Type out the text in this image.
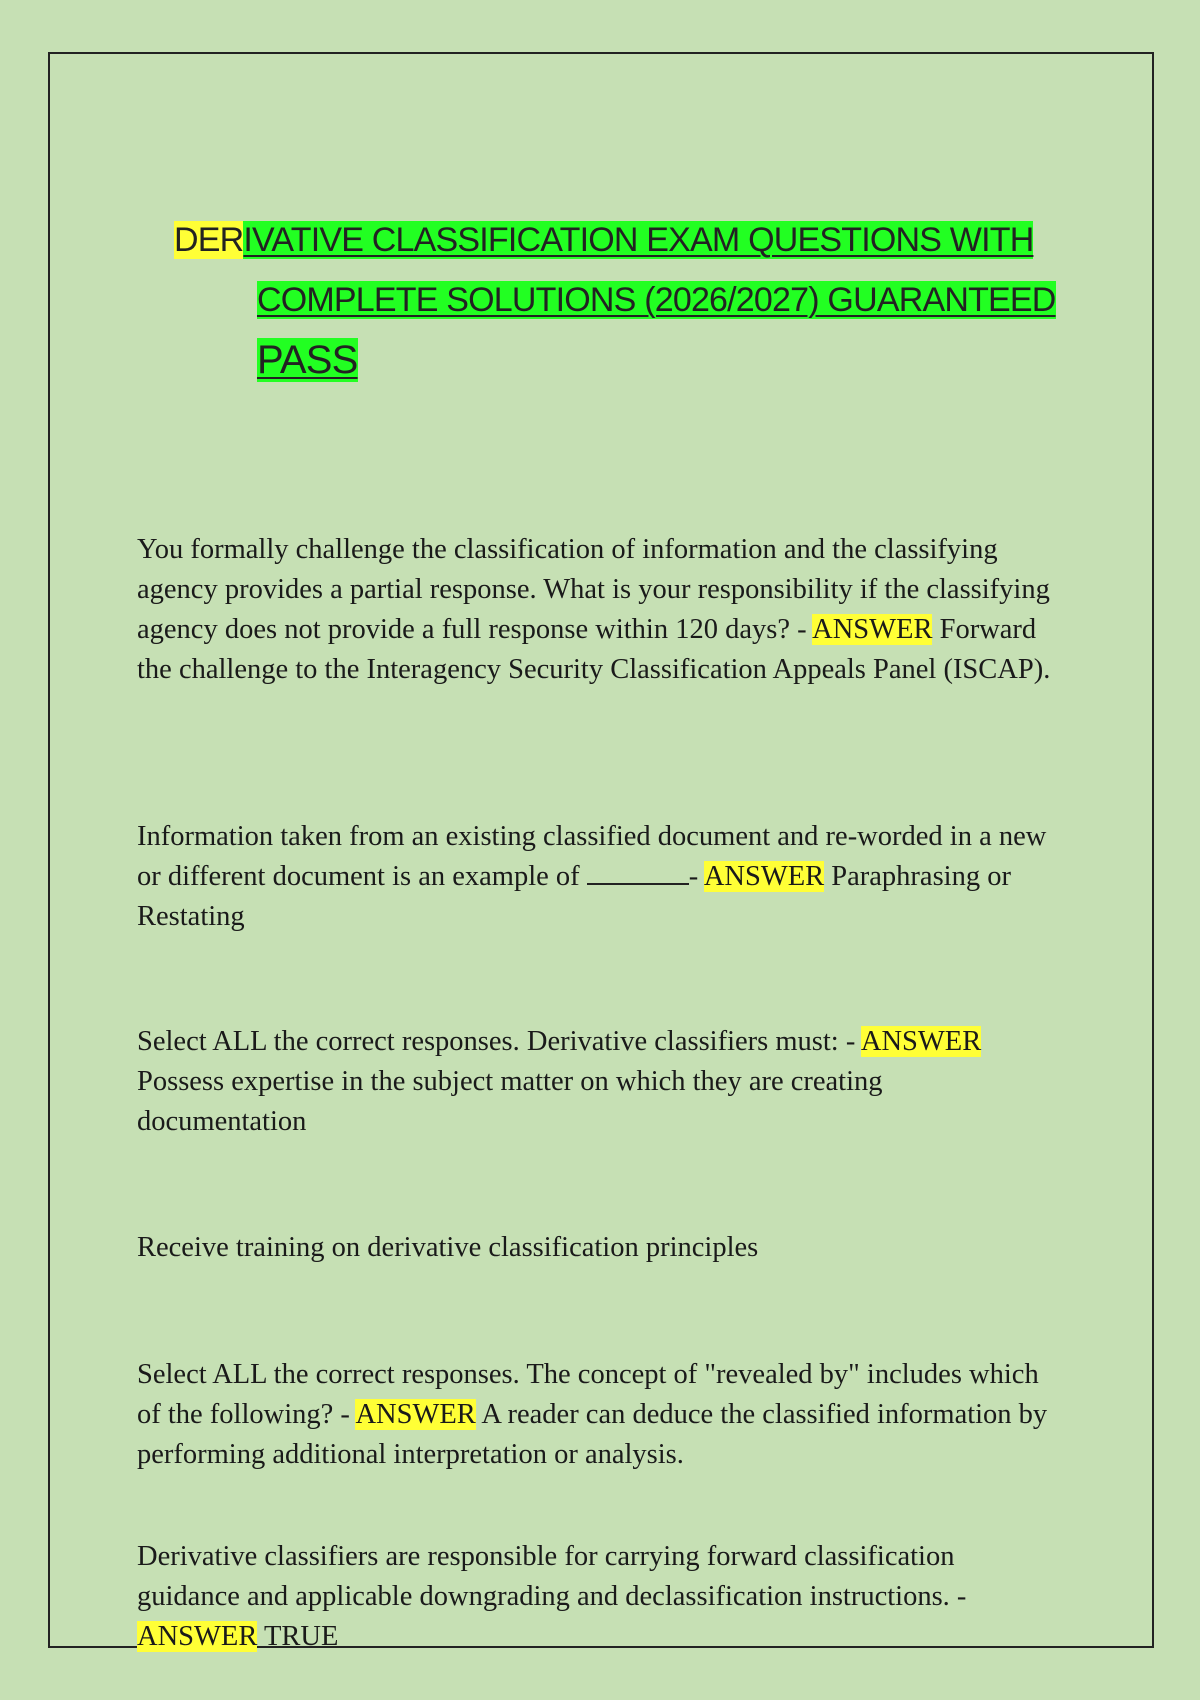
DERIVATIVE CLASSIFICATION EXAM QUESTIONS WITH
COMPLETE SOLUTIONS (2026/2027) GUARANTEED
PASS
You formally challenge the classification of information and the classifying agency provides a partial response. What is your responsibility if the classifying agency does not provide a full response within 120 days? - ANSWER Forward the challenge to the Interagency Security Classification Appeals Panel (ISCAP).
Information taken from an existing classified document and re-worded in a new or different document is an example of	- ANSWER Paraphrasing or Restating
Select ALL the correct responses. Derivative classifiers must: - ANSWER Possess expertise in the subject matter on which they are creating documentation
Receive training on derivative classification principles
Select ALL the correct responses. The concept of "revealed by" includes which of the following? - ANSWER A reader can deduce the classified information by performing additional interpretation or analysis.
Derivative classifiers are responsible for carrying forward classification guidance and applicable downgrading and declassification instructions. - ANSWER TRUE
